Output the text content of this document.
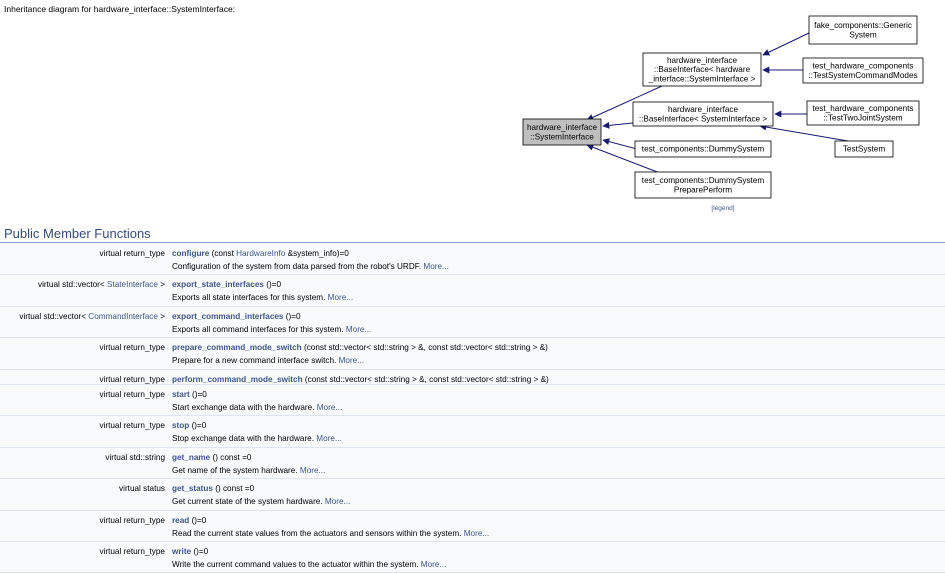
Inheritance diagram for hardware_interface::SystemInterface:
hardware_interface
::SystemInterface
hardware_interface
::BaseInterface< hardware
_interface::SystemInterface >
hardware_interface
::BaseInterface< SystemInterface >
test_components::DummySystem
test_components::DummySystem
PreparePerform
fake_components::Generic
System
test_hardware_components
::TestSystemCommandModes
test_hardware_components
::TestTwoJointSystem
TestSystem
[legend]
Public Member Functions
virtual return_type configure (const HardwareInfo &system_info)=0
Configuration of the system from data parsed from the robot's URDF. More...
virtual std::vector< StateInterface > export_state_interfaces ()=0
Exports all state interfaces for this system. More...
virtual std::vector< CommandInterface > export_command_interfaces ()=0
Exports all command interfaces for this system. More...
virtual return_type prepare_command_mode_switch (const std::vector< std::string > &, const std::vector< std::string > &)
Prepare for a new command interface switch. More...
virtual return_type perform_command_mode_switch (const std::vector< std::string > &, const std::vector< std::string > &)
virtual return_type start ()=0
Start exchange data with the hardware. More...
virtual return_type stop ()=0
Stop exchange data with the hardware. More...
virtual std::string get_name () const =0
Get name of the system hardware. More...
virtual status get_status () const =0
Get current state of the system hardware. More...
virtual return_type read ()=0
Read the current state values from the actuators and sensors within the system. More...
virtual return_type write ()=0
Write the current command values to the actuator within the system. More...
